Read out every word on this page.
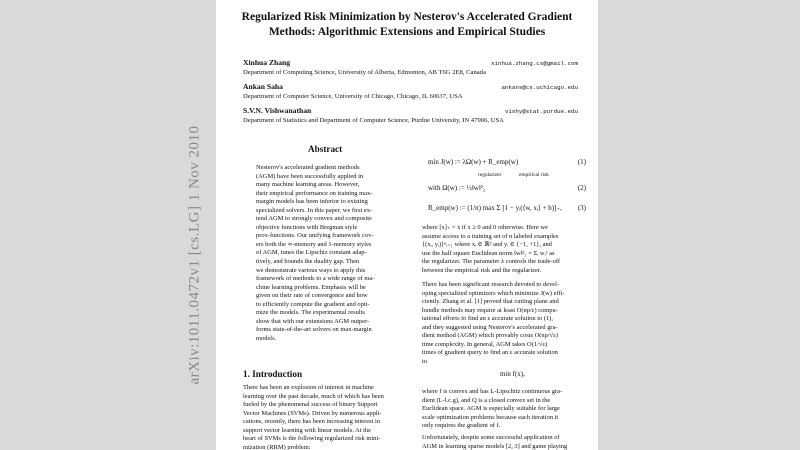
arXiv:1011.0472v1 [cs.LG] 1 Nov 2010
Regularized Risk Minimization by Nesterov's Accelerated Gradient
Methods: Algorithmic Extensions and Empirical Studies
Xinhua Zhang	xinhua.zhang.cs@gmail.com
Department of Computing Science, University of Alberta, Edmonton, AB T6G 2E8, Canada
Ankan Saha	ankans@cs.uchicago.edu
Department of Computer Science, University of Chicago, Chicago, IL 60637, USA
S.V.N. Vishwanathan	vishy@stat.purdue.edu
Department of Statistics and Department of Computer Science, Purdue University, IN 47906, USA
Abstract

Nesterov's accelerated gradient methods

(AGM) have been successfully applied in

many machine learning areas. However,

their empirical performance on training max-

margin models has been inferior to existing

specialized solvers. In this paper, we first ex-

tend AGM to strongly convex and composite

objective functions with Bregman style

prox-functions. Our unifying framework cov-

ers both the ∞-memory and 1-memory styles

of AGM, tunes the Lipschiz constant adap-

tively, and bounds the duality gap. Then

we demonstrate various ways to apply this

framework of methods to a wide range of ma-

chine learning problems. Emphasis will be

given on their rate of convergence and how

to efficiently compute the gradient and opti-

mize the models. The experimental results

show that with our extensions AGM outper-

forms state-of-the-art solvers on max-margin

models.

1. Introduction

There has been an explosion of interest in machine

learning over the past decade, much of which has been

fueled by the phenomenal success of binary Support

Vector Machines (SVMs). Driven by numerous appli-

cations, recently, there has been increasing interest in

support vector learning with linear models. At the

heart of SVMs is the following regularized risk mini-

mization (RRM) problem:

min J(w) := λΩ(w) + R_emp(w)	(1)
regularizer	empirical risk
with Ω(w) := ½‖w‖²₂	(2)
R_emp(w) := (1/n) max Σ [1 − yᵢ(⟨w, xᵢ⟩ + b)]₊, (3)

where [x]₊ = x if x ≥ 0 and 0 otherwise. Here we

assume access to a training set of n labeled examples

{(xᵢ, yᵢ)}ⁿᵢ₌₁ where xᵢ ∈ ℝᵈ and yᵢ ∈ {−1, +1}, and

use the half square Euclidean norm ‖w‖²₂ = Σᵢ wᵢ² as

the regularizer. The parameter λ controls the trade-off

between the empirical risk and the regularizer.

There has been significant research devoted to devel-

oping specialized optimizers which minimize J(w) effi-

ciently. Zhang et al. [1] proved that cutting plane and

bundle methods may require at least O(np/ε) compu-

tational efforts to find an ε accurate solution to (1),

and they suggested using Nesterov's accelerated gra-

dient method (AGM) which provably costs O(np/√ε)

time complexity. In general, AGM takes O(1/√ε)

times of gradient query to find an ε accurate solution

to

min f(x),

where f is convex and has L-Lipschitz continuous gra-

dient (L-l.c.g), and Q is a closed convex set in the

Euclidean space. AGM is especially suitable for large

scale optimization problems because each iteration it

only requires the gradient of f.

Unfortunately, despite some successful application of

AGM in learning sparse models [2, 3] and game playing
